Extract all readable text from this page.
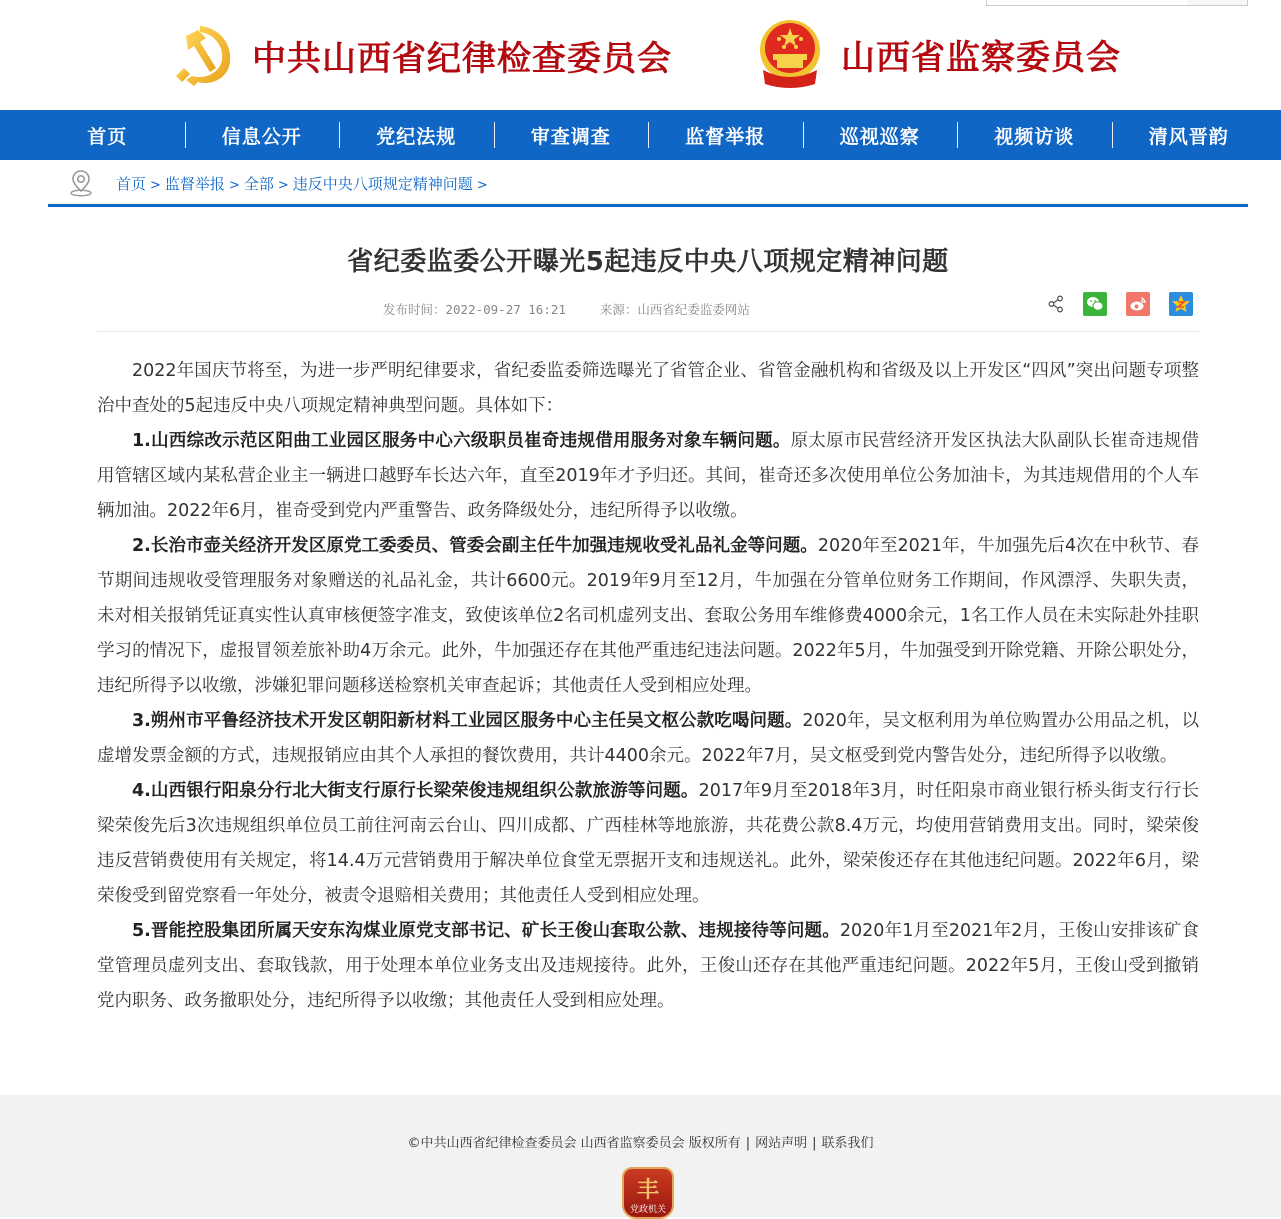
中共山西省纪律检查委员会	山西省监察委员会
首页	信息公开	党纪法规	审查调查	监督举报	巡视巡察	视频访谈	清风晋韵
首页 > 监督举报 > 全部 > 违反中央八项规定精神问题 >
省纪委监委公开曝光5起违反中央八项规定精神问题
发布时间：2022-09-27 16:21	来源：山西省纪委监委网站

2022年国庆节将至，为进一步严明纪律要求，省纪委监委筛选曝光了省管企业、省管金融机构和省级及以上开发区“四风”突出问题专项整治中查处的5起违反中央八项规定精神典型问题。具体如下：

1.山西综改示范区阳曲工业园区服务中心六级职员崔奇违规借用服务对象车辆问题。原太原市民营经济开发区执法大队副队长崔奇违规借用管辖区域内某私营企业主一辆进口越野车长达六年，直至2019年才予归还。其间，崔奇还多次使用单位公务加油卡，为其违规借用的个人车辆加油。2022年6月，崔奇受到党内严重警告、政务降级处分，违纪所得予以收缴。

2.长治市壶关经济开发区原党工委委员、管委会副主任牛加强违规收受礼品礼金等问题。2020年至2021年，牛加强先后4次在中秋节、春节期间违规收受管理服务对象赠送的礼品礼金，共计6600元。2019年9月至12月，牛加强在分管单位财务工作期间，作风漂浮、失职失责，未对相关报销凭证真实性认真审核便签字准支，致使该单位2名司机虚列支出、套取公务用车维修费4000余元，1名工作人员在未实际赴外挂职学习的情况下，虚报冒领差旅补助4万余元。此外，牛加强还存在其他严重违纪违法问题。2022年5月，牛加强受到开除党籍、开除公职处分，违纪所得予以收缴，涉嫌犯罪问题移送检察机关审查起诉；其他责任人受到相应处理。

3.朔州市平鲁经济技术开发区朝阳新材料工业园区服务中心主任吴文枢公款吃喝问题。2020年，吴文枢利用为单位购置办公用品之机，以虚增发票金额的方式，违规报销应由其个人承担的餐饮费用，共计4400余元。2022年7月，吴文枢受到党内警告处分，违纪所得予以收缴。

4.山西银行阳泉分行北大街支行原行长梁荣俊违规组织公款旅游等问题。2017年9月至2018年3月，时任阳泉市商业银行桥头街支行行长梁荣俊先后3次违规组织单位员工前往河南云台山、四川成都、广西桂林等地旅游，共花费公款8.4万元，均使用营销费用支出。同时，梁荣俊违反营销费使用有关规定，将14.4万元营销费用于解决单位食堂无票据开支和违规送礼。此外，梁荣俊还存在其他违纪问题。2022年6月，梁荣俊受到留党察看一年处分，被责令退赔相关费用；其他责任人受到相应处理。

5.晋能控股集团所属天安东沟煤业原党支部书记、矿长王俊山套取公款、违规接待等问题。2020年1月至2021年2月，王俊山安排该矿食堂管理员虚列支出、套取钱款，用于处理本单位业务支出及违规接待。此外，王俊山还存在其他严重违纪问题。2022年5月，王俊山受到撤销党内职务、政务撤职处分，违纪所得予以收缴；其他责任人受到相应处理。

©中共山西省纪律检查委员会 山西省监察委员会 版权所有 | 网站声明 | 联系我们
丰
党政机关
